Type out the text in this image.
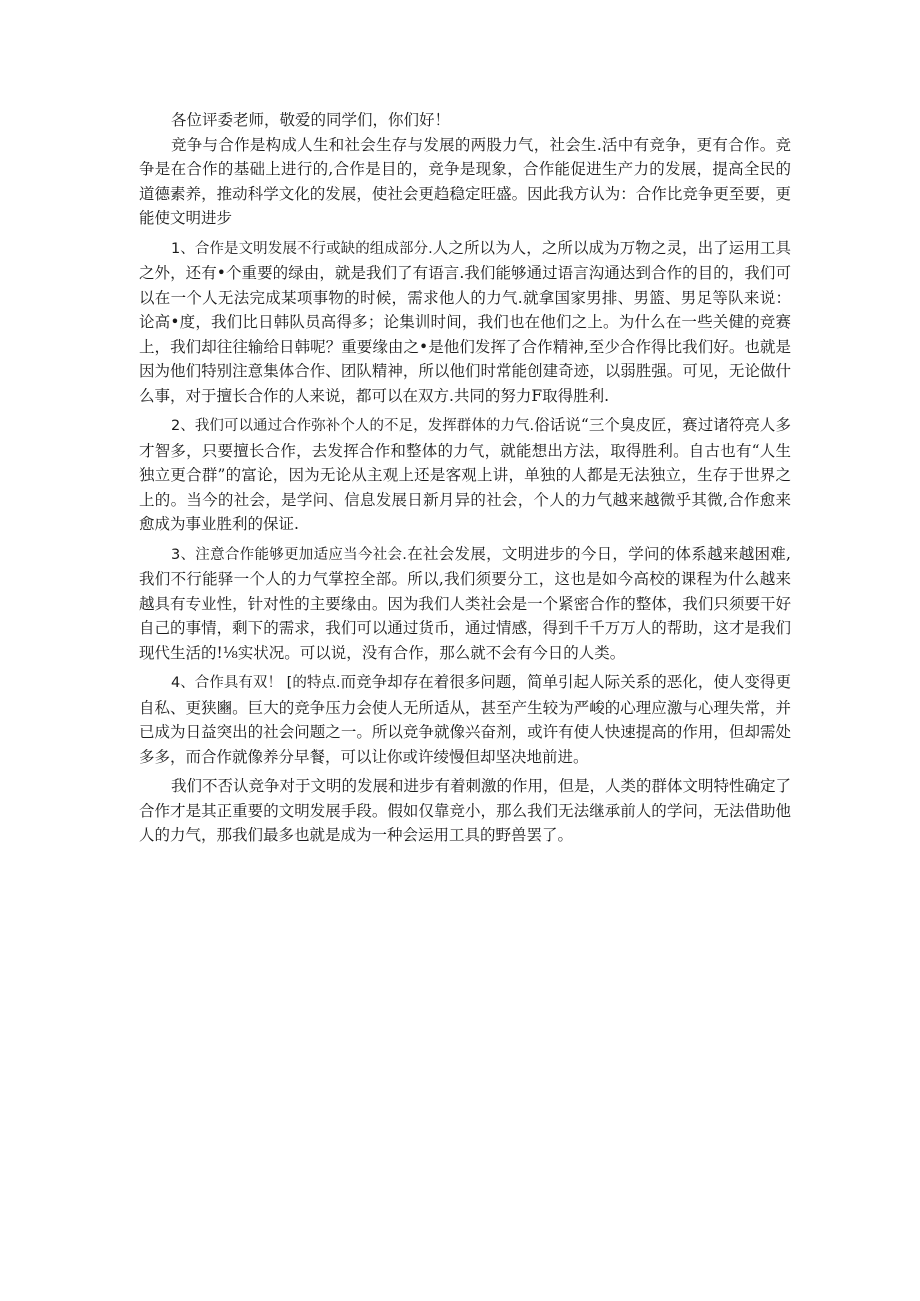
各位评委老师，敬爱的同学们，你们好！

竞争与合作是构成人生和社会生存与发展的两股力气，社会生.活中有竞争，更有合作。竞争是在合作的基础上进行的,合作是目的，竞争是现象，合作能促进生产力的发展，提高全民的道德素养，推动科学文化的发展，使社会更趋稳定旺盛。因此我方认为：合作比竞争更至要，更能使文明进步

1、合作是文明发展不行或缺的组成部分.人之所以为人，之所以成为万物之灵，出了运用工具之外，还有•个重要的绿由，就是我们了有语言.我们能够通过语言沟通达到合作的目的，我们可以在一个人无法完成某项事物的时候，需求他人的力气.就拿国家男排、男篮、男足等队来说：论高•度，我们比日韩队员高得多；论集训时间，我们也在他们之上。为什么在一些关健的竞赛上，我们却往往输给日韩呢？重要缘由之•是他们发挥了合作精神,至少合作得比我们好。也就是因为他们特别注意集体合作、团队精神，所以他们时常能创建奇迹，以弱胜强。可见，无论做什么事，对于擅长合作的人来说，都可以在双方.共同的努力F取得胜利.

2、我们可以通过合作弥补个人的不足，发挥群体的力气.俗话说“三个臭皮匠，赛过诸符亮人多才智多，只要擅长合作，去发挥合作和整体的力气，就能想出方法，取得胜利。自古也有“人生独立更合群”的富论，因为无论从主观上还是客观上讲，单独的人都是无法独立，生存于世界之上的。当今的社会，是学问、信息发展日新月异的社会，个人的力气越来越微乎其微,合作愈来愈成为事业胜利的保证.

3、注意合作能够更加适应当今社会.在社会发展，文明进步的今日，学问的体系越来越困难,我们不行能驿一个人的力气掌控全部。所以,我们须要分工，这也是如今高校的课程为什么越来越具有专业性，针对性的主要缘由。因为我们人类社会是一个紧密合作的整体，我们只须要干好自己的事情，剩下的需求，我们可以通过货币，通过情感，得到千千万万人的帮助，这才是我们现代生活的!⅛实状况。可以说，没有合作，那么就不会有今日的人类。

4、合作具有双！ [的特点.而竞争却存在着很多问题，简单引起人际关系的恶化，使人变得更自私、更狭豳。巨大的竞争压力会使人无所适从，甚至产生较为严峻的心理应激与心理失常，并已成为日益突出的社会问题之一。所以竞争就像兴奋剂，或许有使人快速提高的作用，但却需处多多，而合作就像养分早餐，可以让你或许绫慢但却坚决地前进。

我们不否认竞争对于文明的发展和进步有着刺激的作用，但是，人类的群体文明特性确定了合作才是其正重要的文明发展手段。假如仅靠竞小，那么我们无法继承前人的学问，无法借助他人的力气，那我们最多也就是成为一种会运用工具的野兽罢了。
